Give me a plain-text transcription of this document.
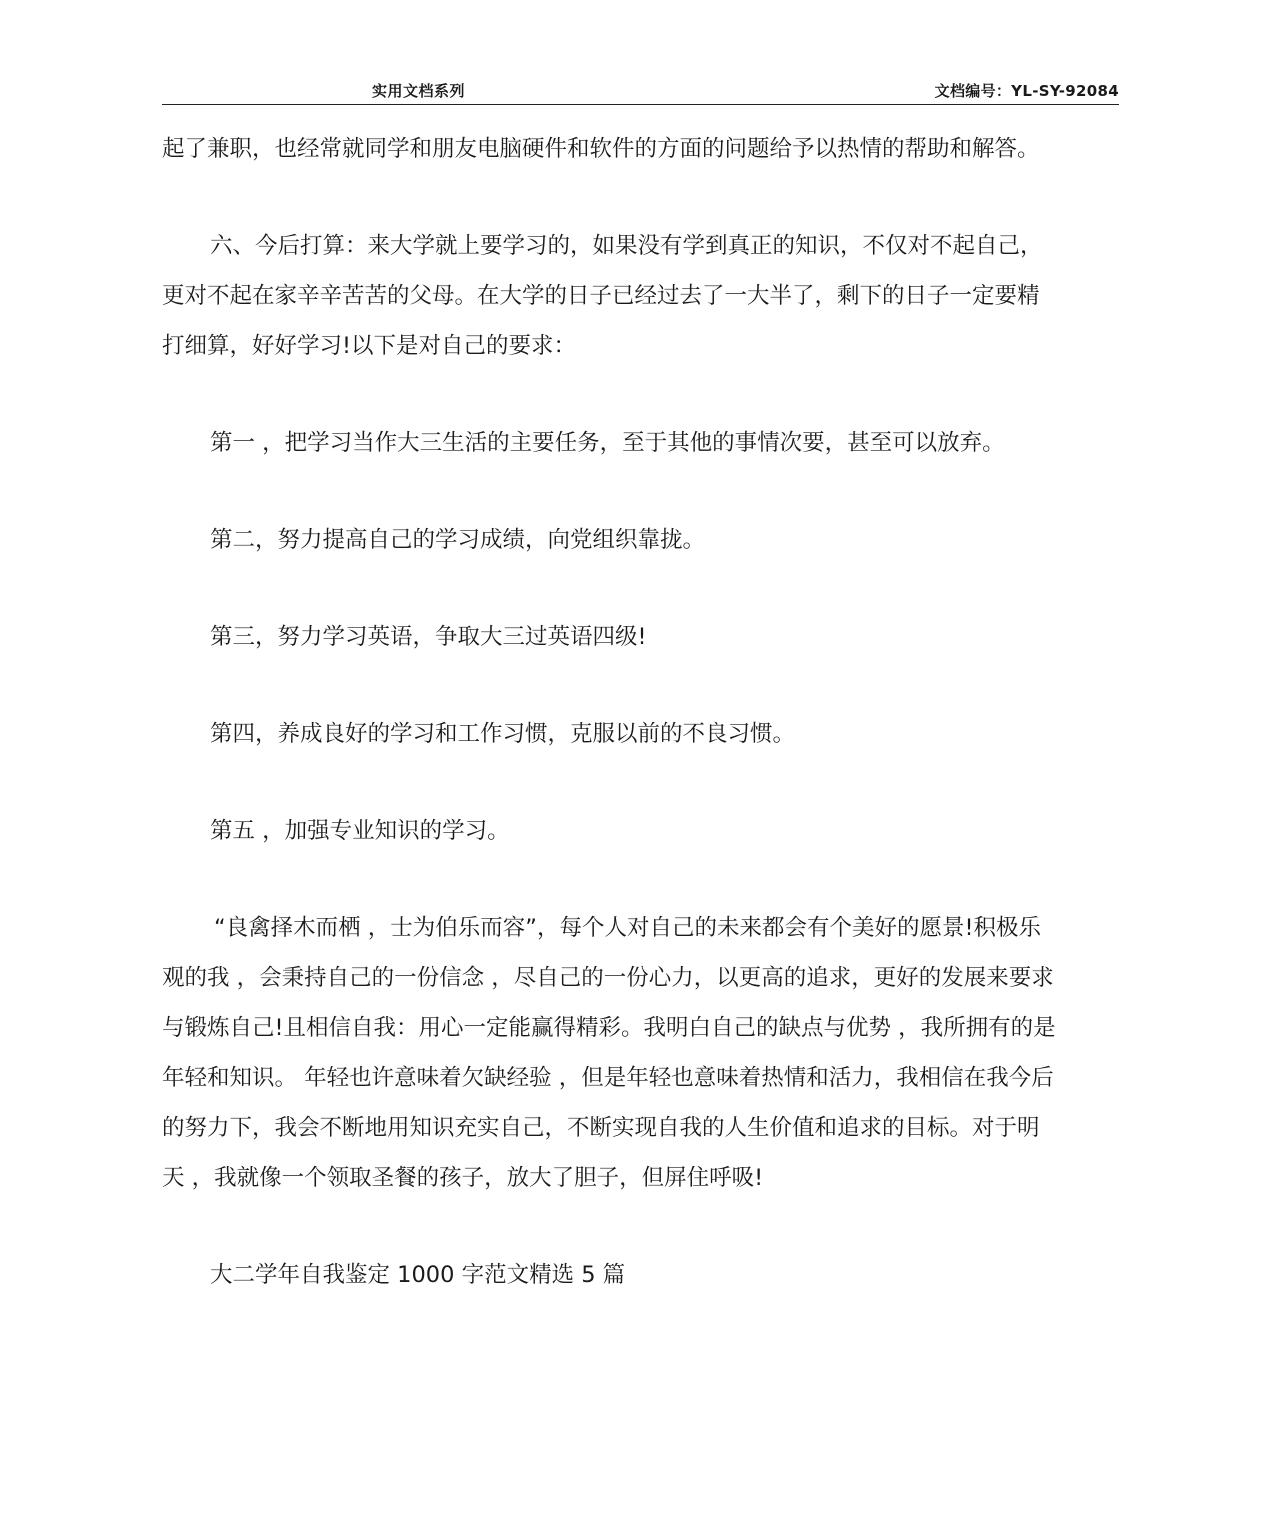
实用文档系列	文档编号：YL-SY-92084

起了兼职，也经常就同学和朋友电脑硬件和软件的方面的问题给予以热情的帮助和解答。

六、今后打算：来大学就上要学习的，如果没有学到真正的知识，不仅对不起自己，
更对不起在家辛辛苦苦的父母。在大学的日子已经过去了一大半了，剩下的日子一定要精
打细算，好好学习!以下是对自己的要求：

第一 ，把学习当作大三生活的主要任务，至于其他的事情次要，甚至可以放弃。

第二，努力提高自己的学习成绩，向党组织靠拢。

第三，努力学习英语，争取大三过英语四级!

第四，养成良好的学习和工作习惯，克服以前的不良习惯。

第五 ，加强专业知识的学习。

“良禽择木而栖 ，士为伯乐而容”，每个人对自己的未来都会有个美好的愿景!积极乐
观的我 ，会秉持自己的一份信念 ，尽自己的一份心力，以更高的追求，更好的发展来要求
与锻炼自己!且相信自我：用心一定能赢得精彩。我明白自己的缺点与优势 ，我所拥有的是
年轻和知识。 年轻也许意味着欠缺经验 ，但是年轻也意味着热情和活力，我相信在我今后
的努力下，我会不断地用知识充实自己，不断实现自我的人生价值和追求的目标。对于明
天 ，我就像一个领取圣餐的孩子，放大了胆子，但屏住呼吸!

大二学年自我鉴定 1000 字范文精选 5 篇
